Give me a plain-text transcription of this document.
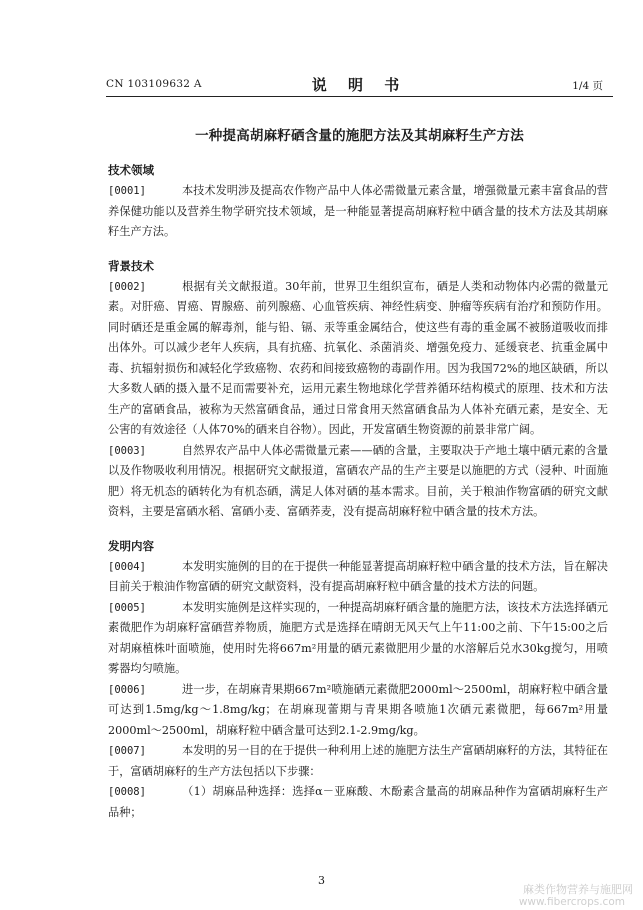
CN 103109632 A	说 明 书	1/4 页
一种提高胡麻籽硒含量的施肥方法及其胡麻籽生产方法
技术领域

[0001]	本技术发明涉及提高农作物产品中人体必需微量元素含量，增强微量元素丰富食品的营养保健功能以及营养生物学研究技术领域，是一种能显著提高胡麻籽粒中硒含量的技术方法及其胡麻籽生产方法。

背景技术

[0002]	根据有关文献报道。30年前，世界卫生组织宣布，硒是人类和动物体内必需的微量元素。对肝癌、胃癌、胃腺癌、前列腺癌、心血管疾病、神经性病变、肿瘤等疾病有治疗和预防作用。同时硒还是重金属的解毒剂，能与铅、镉、汞等重金属结合，使这些有毒的重金属不被肠道吸收而排出体外。可以减少老年人疾病，具有抗癌、抗氧化、杀菌消炎、增强免疫力、延缓衰老、抗重金属中毒、抗辐射损伤和减轻化学致癌物、农药和间接致癌物的毒副作用。因为我国72%的地区缺硒，所以大多数人硒的摄入量不足而需要补充，运用元素生物地球化学营养循环结构模式的原理、技术和方法生产的富硒食品，被称为天然富硒食品，通过日常食用天然富硒食品为人体补充硒元素，是安全、无公害的有效途径（人体70%的硒来自谷物）。因此，开发富硒生物资源的前景非常广阔。

[0003]	自然界农产品中人体必需微量元素——硒的含量，主要取决于产地土壤中硒元素的含量以及作物吸收利用情况。根据研究文献报道，富硒农产品的生产主要是以施肥的方式（浸种、叶面施肥）将无机态的硒转化为有机态硒，满足人体对硒的基本需求。目前，关于粮油作物富硒的研究文献资料，主要是富硒水稻、富硒小麦、富硒荞麦，没有提高胡麻籽粒中硒含量的技术方法。

发明内容

[0004]	本发明实施例的目的在于提供一种能显著提高胡麻籽粒中硒含量的技术方法，旨在解决目前关于粮油作物富硒的研究文献资料，没有提高胡麻籽粒中硒含量的技术方法的问题。

[0005]	本发明实施例是这样实现的，一种提高胡麻籽硒含量的施肥方法，该技术方法选择硒元素微肥作为胡麻籽富硒营养物质，施肥方式是选择在晴朗无风天气上午11:00之前、下午15:00之后对胡麻植株叶面喷施，使用时先将667m²用量的硒元素微肥用少量的水溶解后兑水30kg搅匀，用喷雾器均匀喷施。

[0006]	进一步，在胡麻青果期667m²喷施硒元素微肥2000ml～2500ml，胡麻籽粒中硒含量可达到1.5mg/kg～1.8mg/kg；在胡麻现蕾期与青果期各喷施1次硒元素微肥，每667m²用量2000ml～2500ml，胡麻籽粒中硒含量可达到2.1-2.9mg/kg。

[0007]	本发明的另一目的在于提供一种利用上述的施肥方法生产富硒胡麻籽的方法，其特征在于，富硒胡麻籽的生产方法包括以下步骤：

[0008]	（1）胡麻品种选择：选择α－亚麻酸、木酚素含量高的胡麻品种作为富硒胡麻籽生产品种；

3
麻类作物营养与施肥网
www.fibercrops.com
